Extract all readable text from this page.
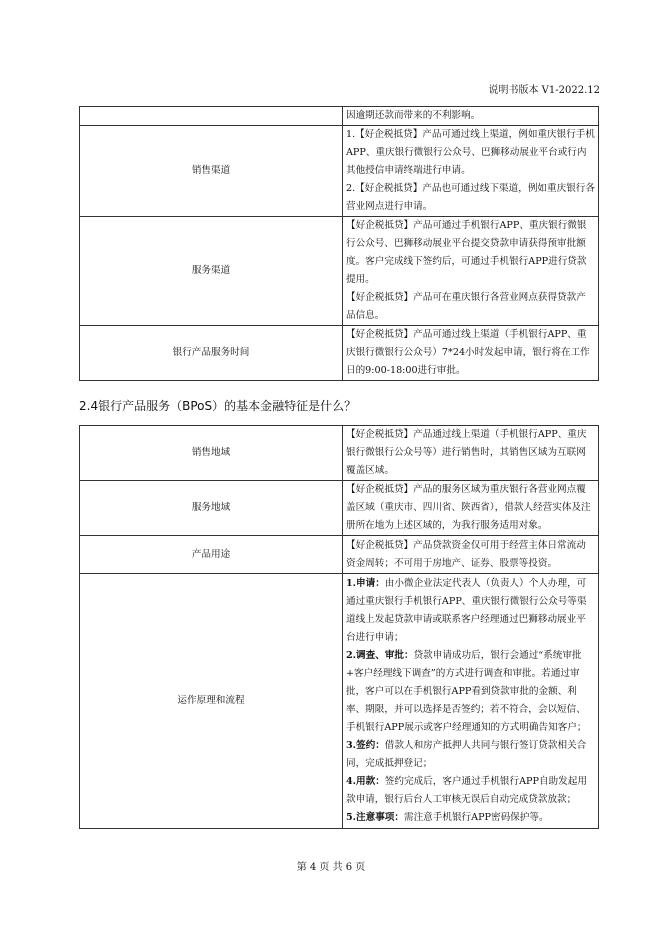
说明书版本 V1-2022.12
	因逾期还款而带来的不利影响。
销售渠道	1.【好企税抵贷】产品可通过线上渠道，例如重庆银行手机APP、重庆银行微银行公众号、巴狮移动展业平台或行内其他授信申请终端进行申请。
2.【好企税抵贷】产品也可通过线下渠道，例如重庆银行各营业网点进行申请。

服务渠道	【好企税抵贷】产品可通过手机银行APP、重庆银行微银行公众号、巴狮移动展业平台提交贷款申请获得预审批额度。客户完成线下签约后，可通过手机银行APP进行贷款提用。
【好企税抵贷】产品可在重庆银行各营业网点获得贷款产品信息。

银行产品服务时间	【好企税抵贷】产品可通过线上渠道（手机银行APP、重庆银行微银行公众号）7*24小时发起申请，银行将在工作日的9:00-18:00进行审批。
2.4银行产品服务（BPoS）的基本金融特征是什么？
销售地域	【好企税抵贷】产品通过线上渠道（手机银行APP、重庆银行微银行公众号等）进行销售时，其销售区域为互联网覆盖区域。
服务地域	【好企税抵贷】产品的服务区域为重庆银行各营业网点覆盖区域（重庆市、四川省、陕西省），借款人经营实体及注册所在地为上述区域的，为我行服务适用对象。
产品用途	【好企税抵贷】产品贷款资金仅可用于经营主体日常流动资金周转；不可用于房地产、证券、股票等投资。
运作原理和流程	1.申请：由小微企业法定代表人（负责人）个人办理，可通过重庆银行手机银行APP、重庆银行微银行公众号等渠道线上发起贷款申请或联系客户经理通过巴狮移动展业平台进行申请；
2.调查、审批：贷款申请成功后，银行会通过“系统审批+客户经理线下调查”的方式进行调查和审批。若通过审批，客户可以在手机银行APP看到贷款审批的金额、利率、期限，并可以选择是否签约；若不符合，会以短信、手机银行APP展示或客户经理通知的方式明确告知客户；
3.签约：借款人和房产抵押人共同与银行签订贷款相关合同，完成抵押登记；
4.用款：签约完成后，客户通过手机银行APP自助发起用款申请，银行后台人工审核无误后自动完成贷款放款；
5.注意事项：需注意手机银行APP密码保护等。
第 4 页 共 6 页
